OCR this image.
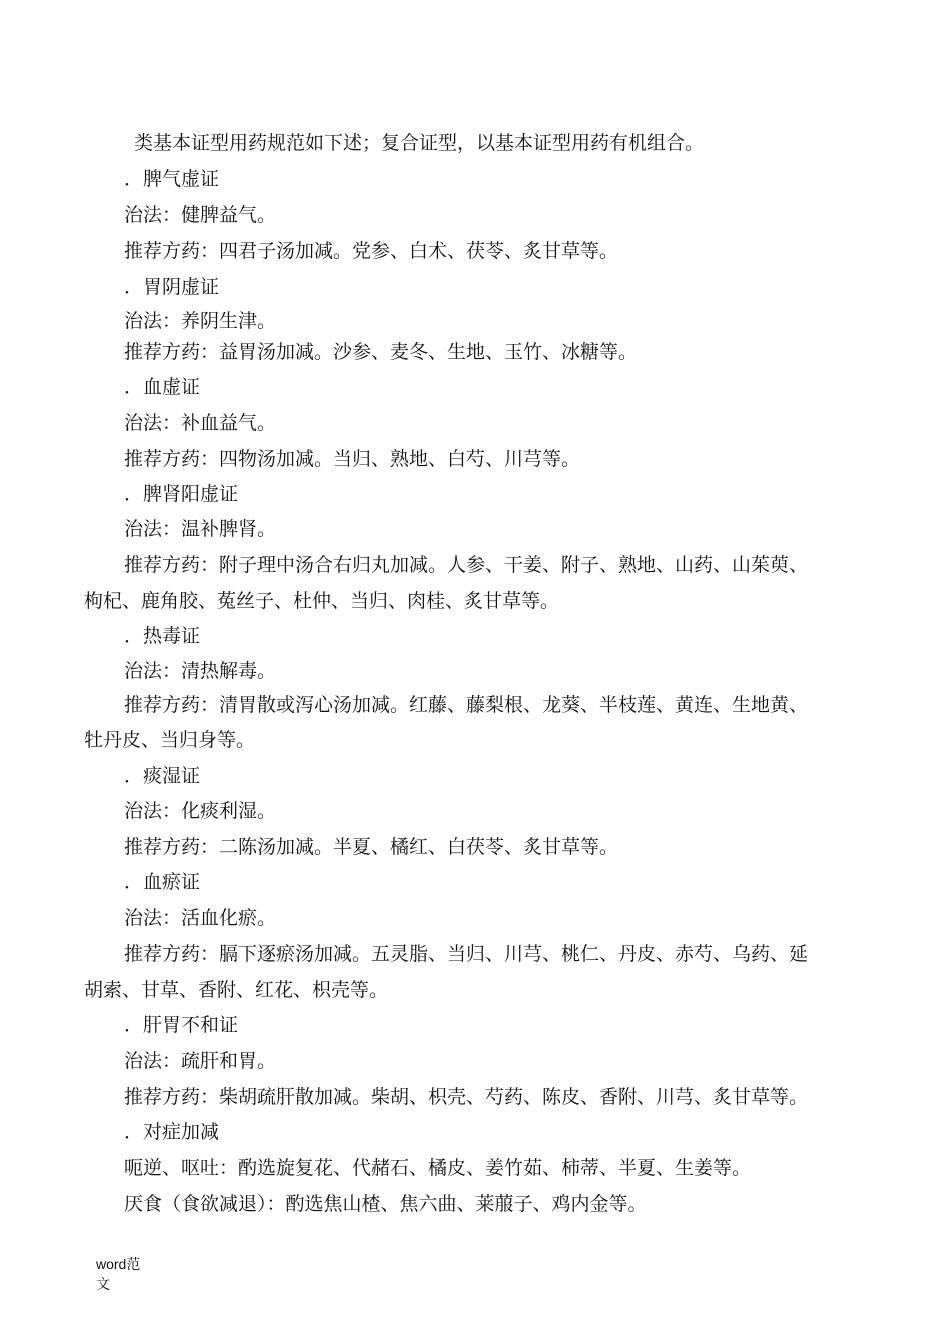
类基本证型用药规范如下述；复合证型，以基本证型用药有机组合。
．脾气虚证
治法：健脾益气。
推荐方药：四君子汤加减。党参、白术、茯苓、炙甘草等。
．胃阴虚证
治法：养阴生津。
推荐方药：益胃汤加减。沙参、麦冬、生地、玉竹、冰糖等。
．血虚证
治法：补血益气。
推荐方药：四物汤加减。当归、熟地、白芍、川芎等。
．脾肾阳虚证
治法：温补脾肾。
推荐方药：附子理中汤合右归丸加减。人参、干姜、附子、熟地、山药、山茱萸、
枸杞、鹿角胶、菟丝子、杜仲、当归、肉桂、炙甘草等。
．热毒证
治法：清热解毒。
推荐方药：清胃散或泻心汤加减。红藤、藤梨根、龙葵、半枝莲、黄连、生地黄、
牡丹皮、当归身等。
．痰湿证
治法：化痰利湿。
推荐方药：二陈汤加减。半夏、橘红、白茯苓、炙甘草等。
．血瘀证
治法：活血化瘀。
推荐方药：膈下逐瘀汤加减。五灵脂、当归、川芎、桃仁、丹皮、赤芍、乌药、延
胡索、甘草、香附、红花、枳壳等。
．肝胃不和证
治法：疏肝和胃。
推荐方药：柴胡疏肝散加减。柴胡、枳壳、芍药、陈皮、香附、川芎、炙甘草等。
．对症加减
呃逆、呕吐：酌选旋复花、代赭石、橘皮、姜竹茹、柿蒂、半夏、生姜等。
厌食（食欲减退）：酌选焦山楂、焦六曲、莱菔子、鸡内金等。
word范
文
